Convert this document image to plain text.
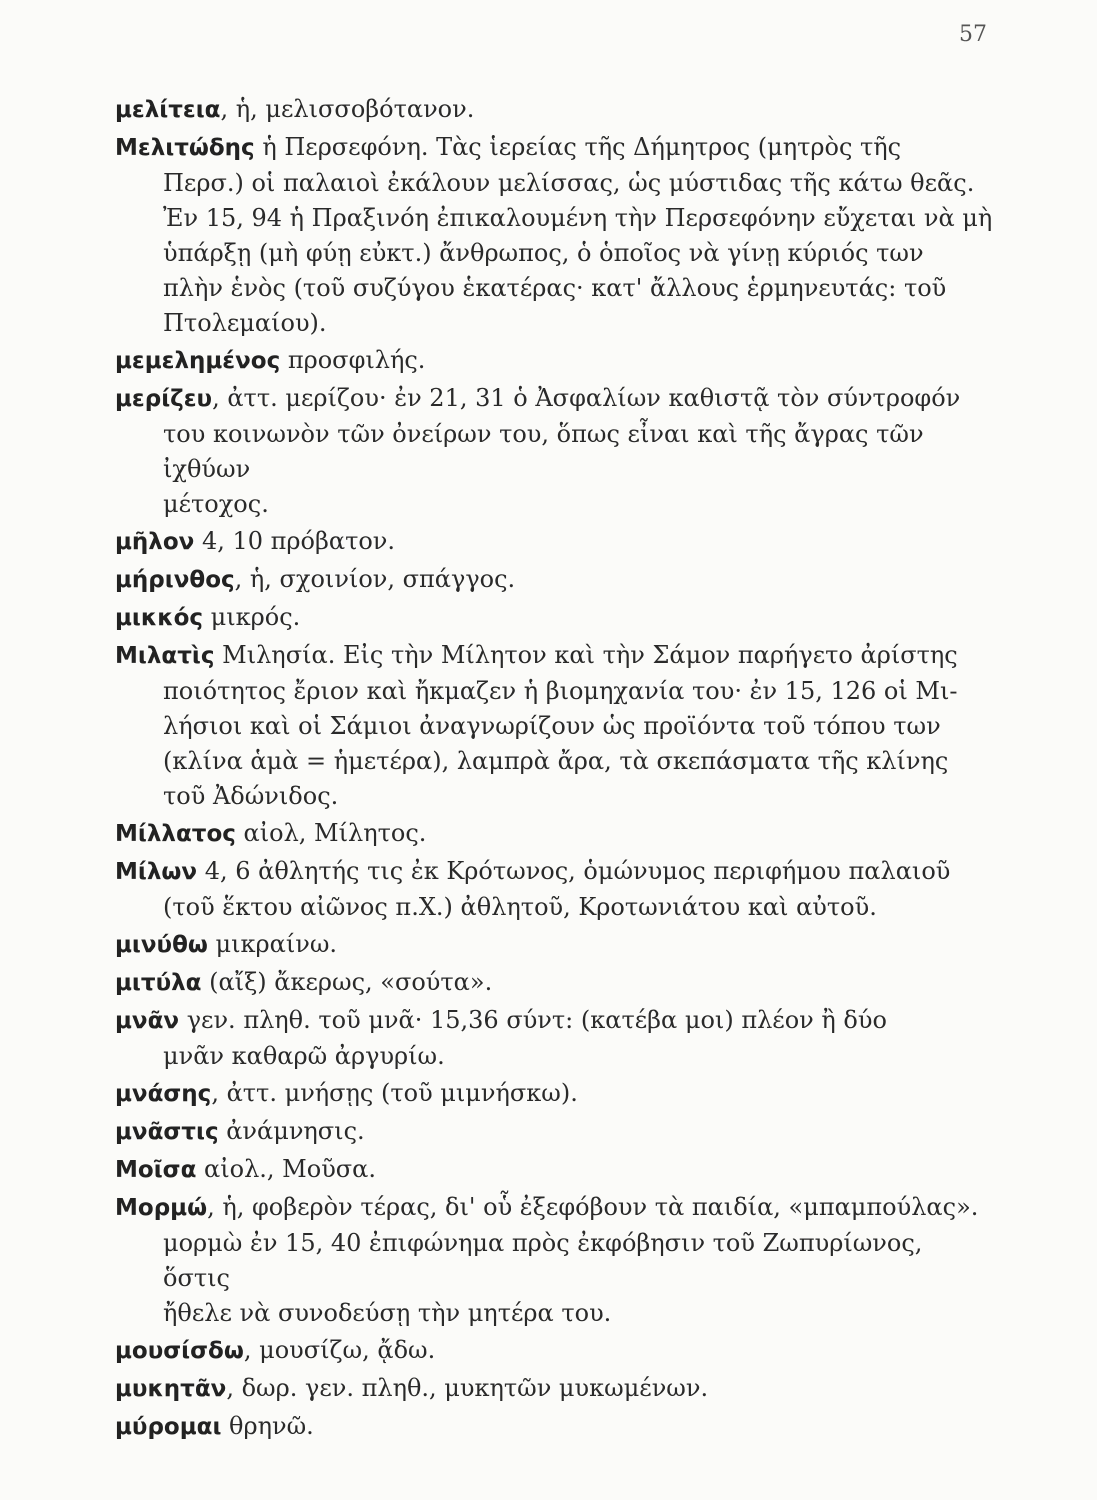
57
μελίτεια, ἡ, μελισσοβότανον.
Μελιτώδης ἡ Περσεφόνη. Τὰς ἱερείας τῆς Δήμητρος (μητρὸς τῆς
Περσ.) οἱ παλαιοὶ ἐκάλουν μελίσσας, ὡς μύστιδας τῆς κάτω θεᾶς.
Ἐν 15, 94 ἡ Πραξινόη ἐπικαλουμένη τὴν Περσεφόνην εὔχεται νὰ μὴ
ὑπάρξῃ (μὴ φύῃ εὐκτ.) ἄνθρωπος, ὁ ὁποῖος νὰ γίνῃ κύριός των
πλὴν ἑνὸς (τοῦ συζύγου ἑκατέρας· κατ' ἄλλους ἑρμηνευτάς: τοῦ
Πτολεμαίου).
μεμελημένος προσφιλής.
μερίζευ, ἀττ. μερίζου· ἐν 21, 31 ὁ Ἀσφαλίων καθιστᾷ τὸν σύντροφόν
του κοινωνὸν τῶν ὀνείρων του, ὅπως εἶναι καὶ τῆς ἄγρας τῶν ἰχθύων
μέτοχος.
μῆλον 4, 10 πρόβατον.
μήρινθος, ἡ, σχοινίον, σπάγγος.
μικκός μικρός.
Μιλατὶς Μιλησία. Εἰς τὴν Μίλητον καὶ τὴν Σάμον παρήγετο ἀρίστης
ποιότητος ἔριον καὶ ἤκμαζεν ἡ βιομηχανία του· ἐν 15, 126 οἱ Μι-
λήσιοι καὶ οἱ Σάμιοι ἀναγνωρίζουν ὡς προϊόντα τοῦ τόπου των
(κλίνα ἁμὰ = ἡμετέρα), λαμπρὰ ἄρα, τὰ σκεπάσματα τῆς κλίνης
τοῦ Ἀδώνιδος.
Μίλλατος αἰολ, Μίλητος.
Μίλων 4, 6 ἀθλητής τις ἐκ Κρότωνος, ὁμώνυμος περιφήμου παλαιοῦ
(τοῦ ἕκτου αἰῶνος π.Χ.) ἀθλητοῦ, Κροτωνιάτου καὶ αὐτοῦ.
μινύθω μικραίνω.
μιτύλα (αἴξ) ἄκερως, «σούτα».
μνᾶν γεν. πληθ. τοῦ μνᾶ· 15,36 σύντ: (κατέβα μοι) πλέον ἢ δύο
μνᾶν καθαρῶ ἀργυρίω.
μνάσης, ἀττ. μνήσῃς (τοῦ μιμνήσκω).
μνᾶστις ἀνάμνησις.
Μοῖσα αἰολ., Μοῦσα.
Μορμώ, ἡ, φοβερὸν τέρας, δι' οὗ ἐξεφόβουν τὰ παιδία, «μπαμπούλας».
μορμὼ ἐν 15, 40 ἐπιφώνημα πρὸς ἐκφόβησιν τοῦ Ζωπυρίωνος, ὅστις
ἤθελε νὰ συνοδεύσῃ τὴν μητέρα του.
μουσίσδω, μουσίζω, ᾄδω.
μυκητᾶν, δωρ. γεν. πληθ., μυκητῶν μυκωμένων.
μύρομαι θρηνῶ.
